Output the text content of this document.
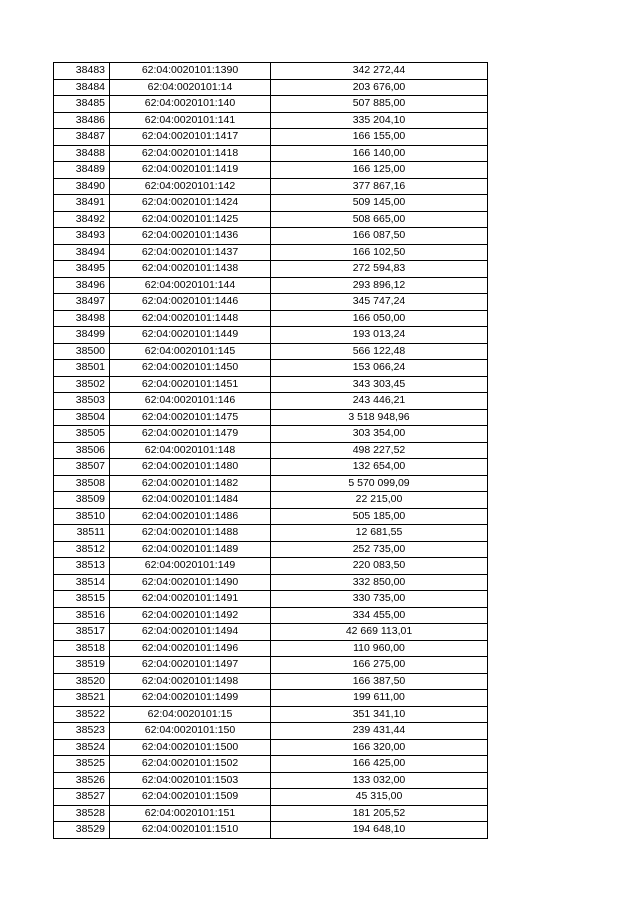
38483	62:04:0020101:1390	342 272,44
38484	62:04:0020101:14	203 676,00
38485	62:04:0020101:140	507 885,00
38486	62:04:0020101:141	335 204,10
38487	62:04:0020101:1417	166 155,00
38488	62:04:0020101:1418	166 140,00
38489	62:04:0020101:1419	166 125,00
38490	62:04:0020101:142	377 867,16
38491	62:04:0020101:1424	509 145,00
38492	62:04:0020101:1425	508 665,00
38493	62:04:0020101:1436	166 087,50
38494	62:04:0020101:1437	166 102,50
38495	62:04:0020101:1438	272 594,83
38496	62:04:0020101:144	293 896,12
38497	62:04:0020101:1446	345 747,24
38498	62:04:0020101:1448	166 050,00
38499	62:04:0020101:1449	193 013,24
38500	62:04:0020101:145	566 122,48
38501	62:04:0020101:1450	153 066,24
38502	62:04:0020101:1451	343 303,45
38503	62:04:0020101:146	243 446,21
38504	62:04:0020101:1475	3 518 948,96
38505	62:04:0020101:1479	303 354,00
38506	62:04:0020101:148	498 227,52
38507	62:04:0020101:1480	132 654,00
38508	62:04:0020101:1482	5 570 099,09
38509	62:04:0020101:1484	22 215,00
38510	62:04:0020101:1486	505 185,00
38511	62:04:0020101:1488	12 681,55
38512	62:04:0020101:1489	252 735,00
38513	62:04:0020101:149	220 083,50
38514	62:04:0020101:1490	332 850,00
38515	62:04:0020101:1491	330 735,00
38516	62:04:0020101:1492	334 455,00
38517	62:04:0020101:1494	42 669 113,01
38518	62:04:0020101:1496	110 960,00
38519	62:04:0020101:1497	166 275,00
38520	62:04:0020101:1498	166 387,50
38521	62:04:0020101:1499	199 611,00
38522	62:04:0020101:15	351 341,10
38523	62:04:0020101:150	239 431,44
38524	62:04:0020101:1500	166 320,00
38525	62:04:0020101:1502	166 425,00
38526	62:04:0020101:1503	133 032,00
38527	62:04:0020101:1509	45 315,00
38528	62:04:0020101:151	181 205,52
38529	62:04:0020101:1510	194 648,10
